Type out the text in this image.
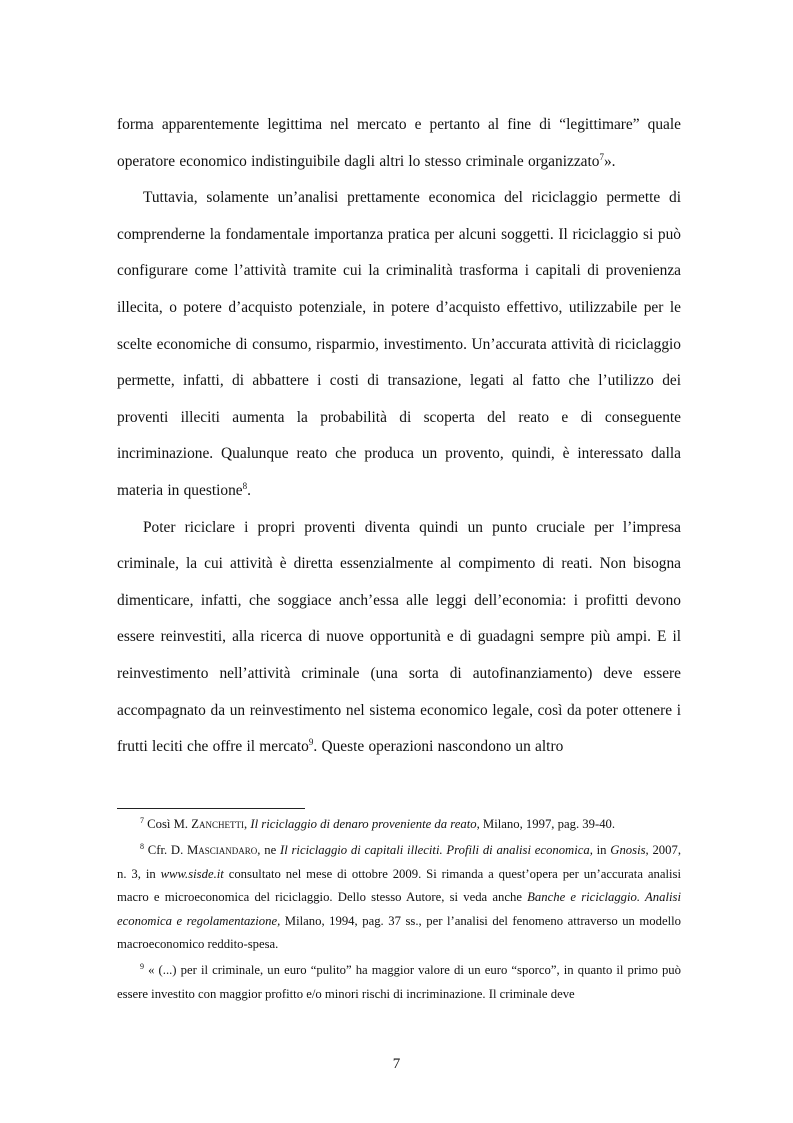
forma apparentemente legittima nel mercato e pertanto al fine di “legittimare” quale operatore economico indistinguibile dagli altri lo stesso criminale organizzato$^7$».

Tuttavia, solamente un’analisi prettamente economica del riciclaggio permette di comprenderne la fondamentale importanza pratica per alcuni soggetti. Il riciclaggio si può configurare come l’attività tramite cui la criminalità trasforma i capitali di provenienza illecita, o potere d’acquisto potenziale, in potere d’acquisto effettivo, utilizzabile per le scelte economiche di consumo, risparmio, investimento. Un’accurata attività di riciclaggio permette, infatti, di abbattere i costi di transazione, legati al fatto che l’utilizzo dei proventi illeciti aumenta la probabilità di scoperta del reato e di conseguente incriminazione. Qualunque reato che produca un provento, quindi, è interessato dalla materia in questione$^8$.

Poter riciclare i propri proventi diventa quindi un punto cruciale per l’impresa criminale, la cui attività è diretta essenzialmente al compimento di reati. Non bisogna dimenticare, infatti, che soggiace anch’essa alle leggi dell’economia: i profitti devono essere reinvestiti, alla ricerca di nuove opportunità e di guadagni sempre più ampi. E il reinvestimento nell’attività criminale (una sorta di autofinanziamento) deve essere accompagnato da un reinvestimento nel sistema economico legale, così da poter ottenere i frutti leciti che offre il mercato$^9$. Queste operazioni nascondono un altro

$^7$ Così M. Zanchetti, Il riciclaggio di denaro proveniente da reato, Milano, 1997, pag. 39-40.

$^8$ Cfr. D. Masciandaro, ne Il riciclaggio di capitali illeciti. Profili di analisi economica, in Gnosis, 2007, n. 3, in www.sisde.it consultato nel mese di ottobre 2009. Si rimanda a quest’opera per un’accurata analisi macro e microeconomica del riciclaggio. Dello stesso Autore, si veda anche Banche e riciclaggio. Analisi economica e regolamentazione, Milano, 1994, pag. 37 ss., per l’analisi del fenomeno attraverso un modello macroeconomico reddito-spesa.

$^9$ « (...) per il criminale, un euro “pulito” ha maggior valore di un euro “sporco”, in quanto il primo può essere investito con maggior profitto e/o minori rischi di incriminazione. Il criminale deve

7
